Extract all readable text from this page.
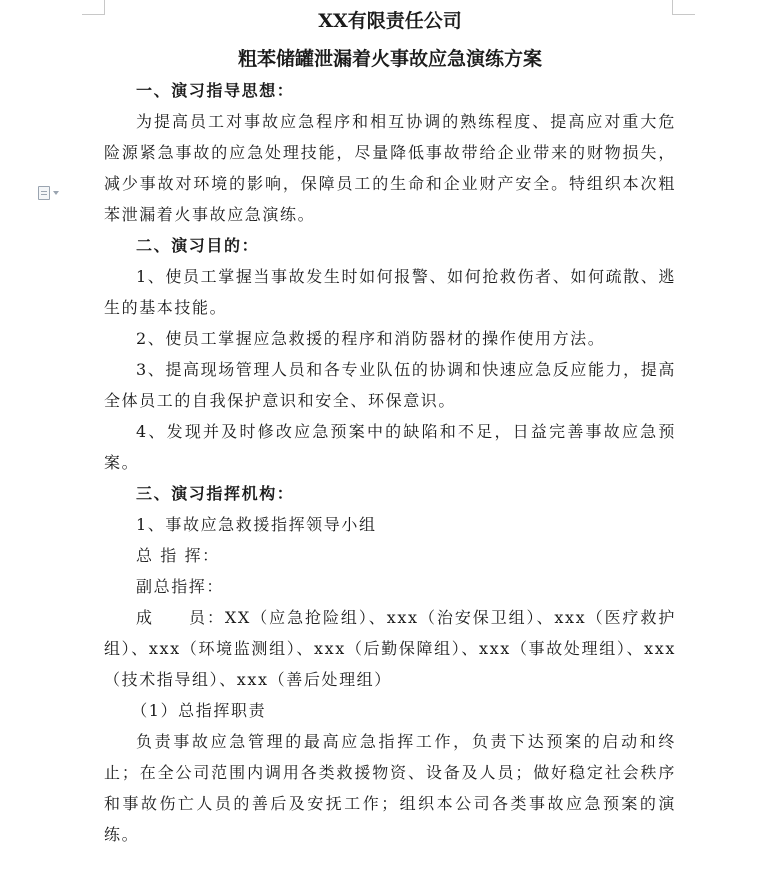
XX有限责任公司
粗苯储罐泄漏着火事故应急演练方案

一、演习指导思想：

为提高员工对事故应急程序和相互协调的熟练程度、提高应对重大危险源紧急事故的应急处理技能，尽量降低事故带给企业带来的财物损失，减少事故对环境的影响，保障员工的生命和企业财产安全。特组织本次粗苯泄漏着火事故应急演练。

二、演习目的：

1、使员工掌握当事故发生时如何报警、如何抢救伤者、如何疏散、逃生的基本技能。

2、使员工掌握应急救援的程序和消防器材的操作使用方法。

3、提高现场管理人员和各专业队伍的协调和快速应急反应能力，提高全体员工的自我保护意识和安全、环保意识。

4、发现并及时修改应急预案中的缺陷和不足，日益完善事故应急预案。

三、演习指挥机构：

1、事故应急救援指挥领导小组

总 指 挥：

副总指挥：

成     员：XX（应急抢险组）、xxx（治安保卫组）、xxx（医疗救护组）、xxx（环境监测组）、xxx（后勤保障组）、xxx（事故处理组）、xxx（技术指导组）、xxx（善后处理组）

（1）总指挥职责

负责事故应急管理的最高应急指挥工作，负责下达预案的启动和终止；在全公司范围内调用各类救援物资、设备及人员；做好稳定社会秩序和事故伤亡人员的善后及安抚工作；组织本公司各类事故应急预案的演练。
